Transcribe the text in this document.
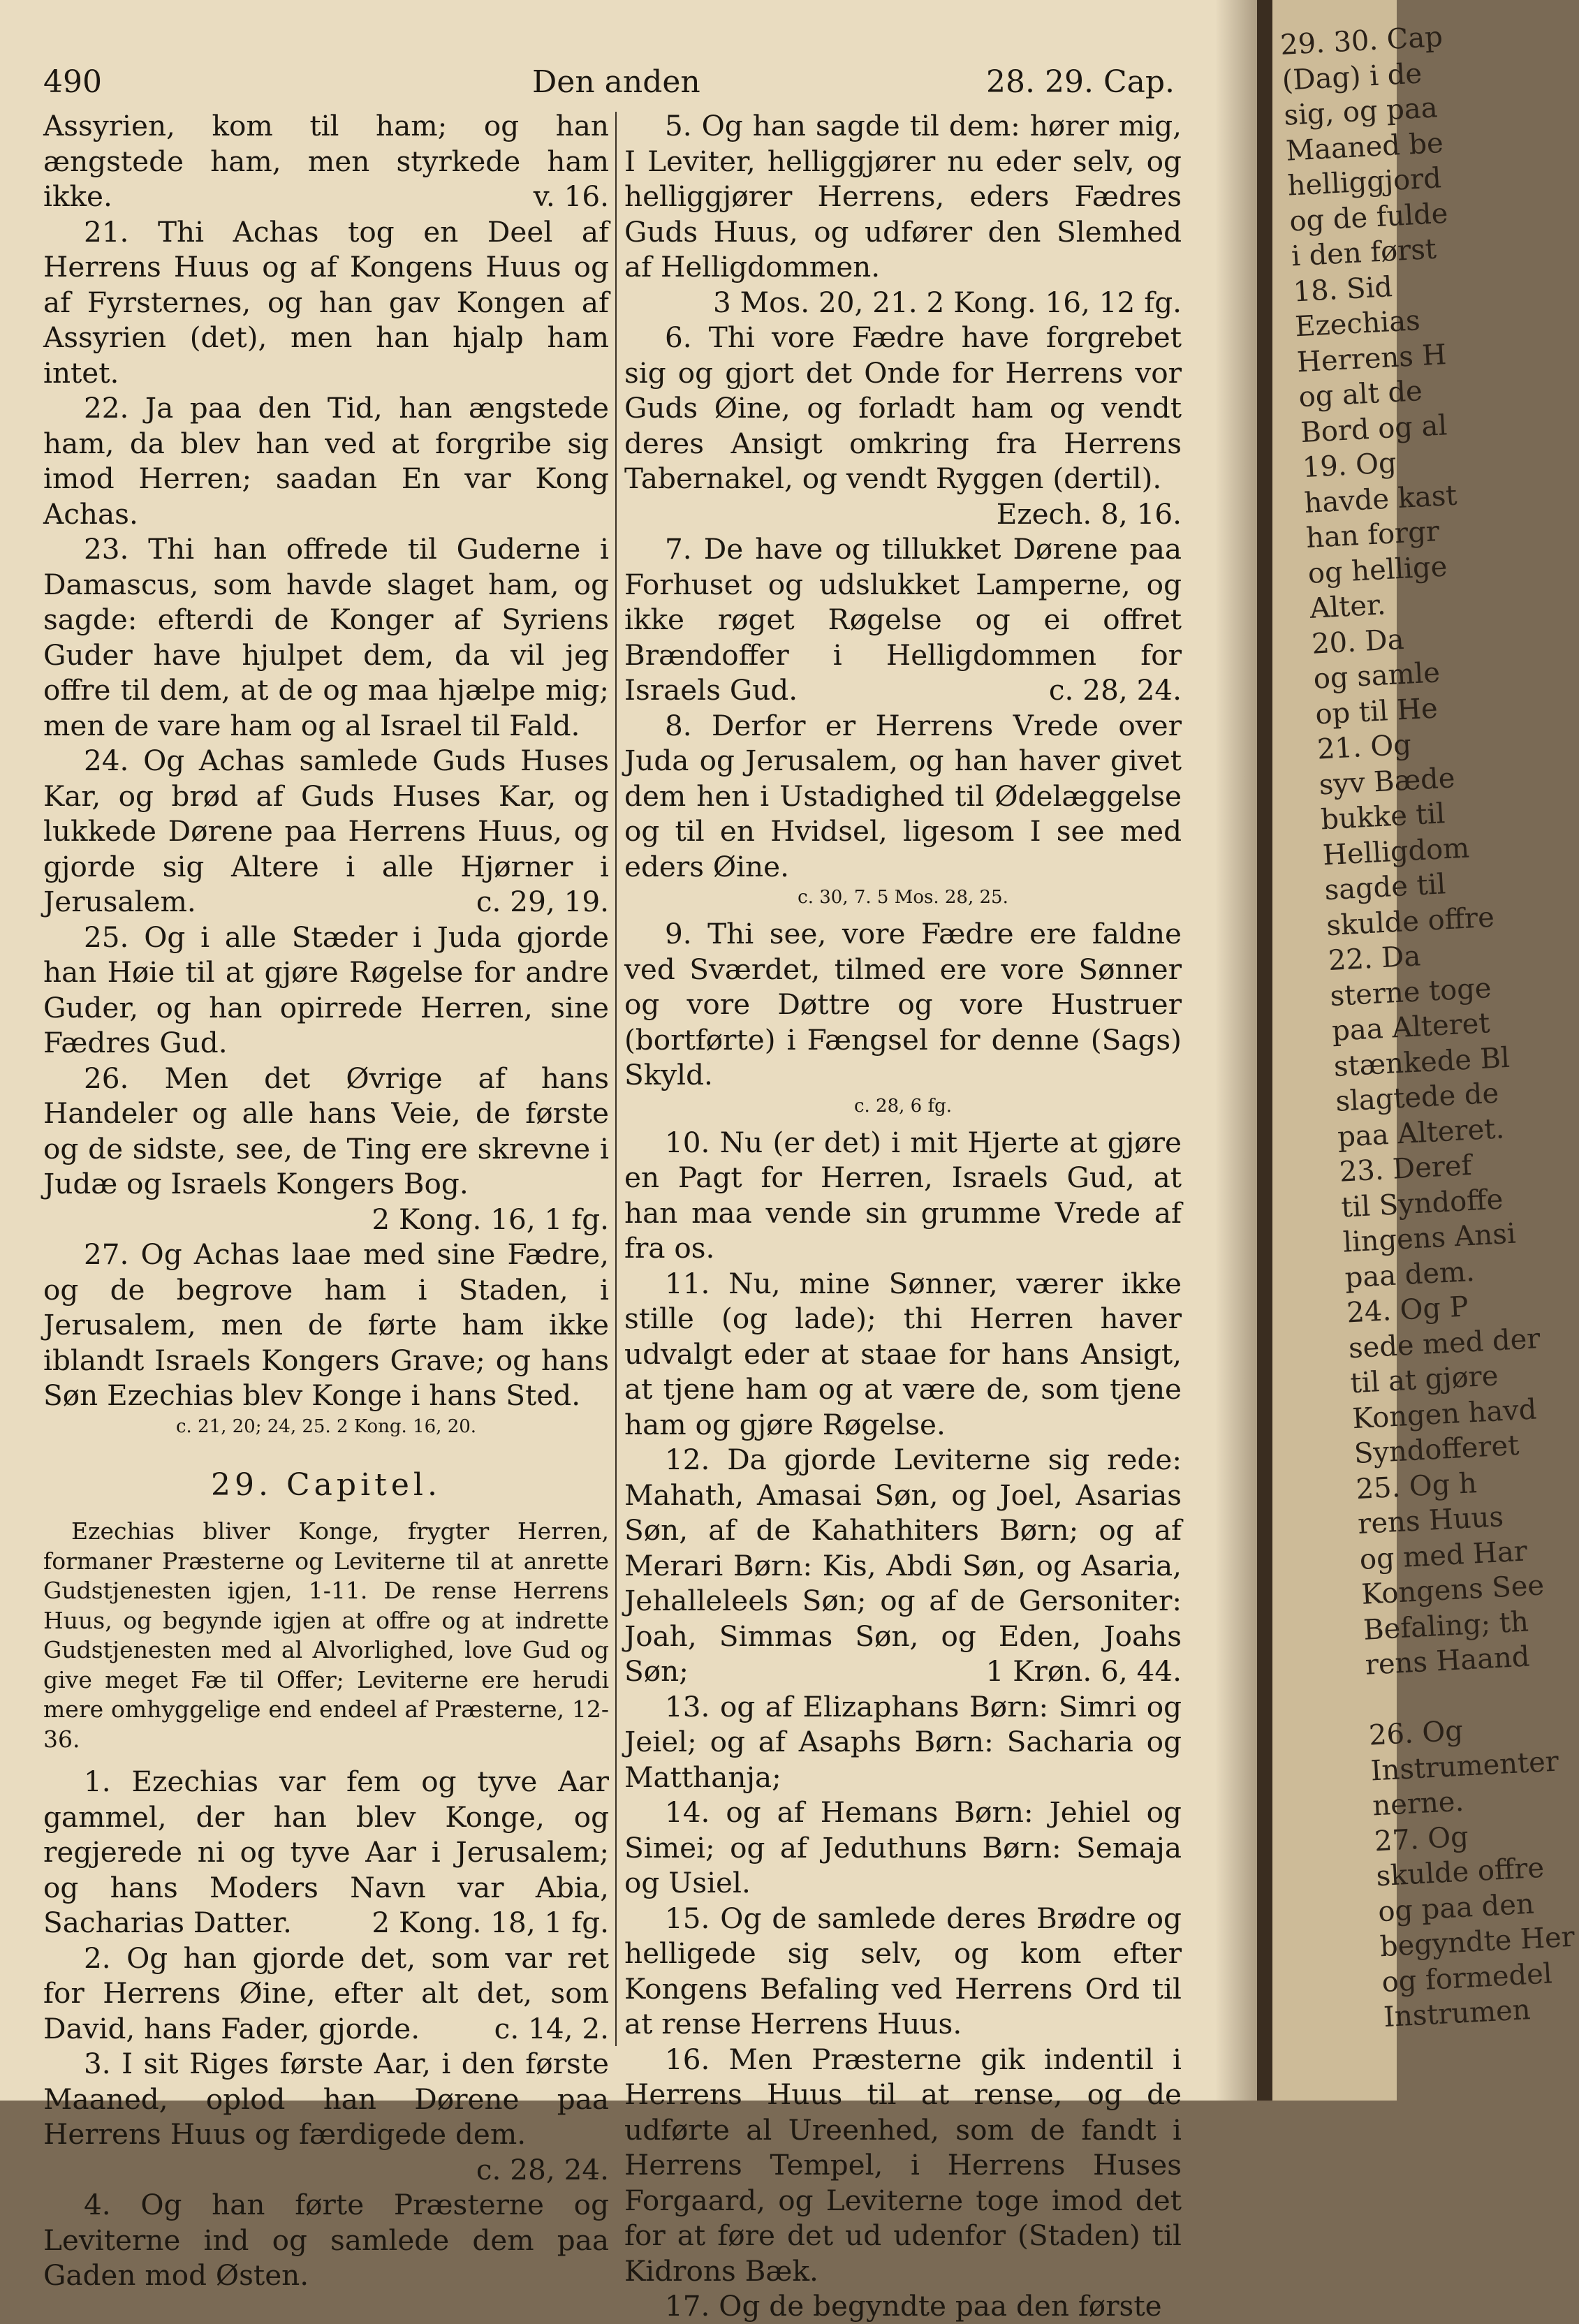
490	Den anden	28. 29. Cap.

Assyrien, kom til ham; og han ængstede ham, men styrkede ham ikke.	v. 16.

21. Thi Achas tog en Deel af Herrens Huus og af Kongens Huus og af Fyrsternes, og han gav Kongen af Assyrien (det), men han hjalp ham intet.

22. Ja paa den Tid, han ængstede ham, da blev han ved at forgribe sig imod Herren; saadan En var Kong Achas.

23. Thi han offrede til Guderne i Damascus, som havde slaget ham, og sagde: efterdi de Konger af Syriens Guder have hjulpet dem, da vil jeg offre til dem, at de og maa hjælpe mig; men de vare ham og al Israel til Fald.

24. Og Achas samlede Guds Huses Kar, og brød af Guds Huses Kar, og lukkede Dørene paa Herrens Huus, og gjorde sig Altere i alle Hjørner i Jerusalem.	c. 29, 19.

25. Og i alle Stæder i Juda gjorde han Høie til at gjøre Røgelse for andre Guder, og han opirrede Herren, sine Fædres Gud.

26. Men det Øvrige af hans Handeler og alle hans Veie, de første og de sidste, see, de Ting ere skrevne i Judæ og Israels Kongers Bog.
2 Kong. 16, 1 fg.

27. Og Achas laae med sine Fædre, og de begrove ham i Staden, i Jerusalem, men de førte ham ikke iblandt Israels Kongers Grave; og hans Søn Ezechias blev Konge i hans Sted.

c. 21, 20; 24, 25. 2 Kong. 16, 20.

29. Capitel.

Ezechias bliver Konge, frygter Herren, formaner Præsterne og Leviterne til at anrette Gudstjenesten igjen, 1-11. De rense Herrens Huus, og begynde igjen at offre og at indrette Gudstjenesten med al Alvorlighed, love Gud og give meget Fæ til Offer; Leviterne ere herudi mere omhyggelige end endeel af Præsterne, 12-36.

1. Ezechias var fem og tyve Aar gammel, der han blev Konge, og regjerede ni og tyve Aar i Jerusalem; og hans Moders Navn var Abia, Sacharias Datter.	2 Kong. 18, 1 fg.

2. Og han gjorde det, som var ret for Herrens Øine, efter alt det, som David, hans Fader, gjorde.	c. 14, 2.

3. I sit Riges første Aar, i den første Maaned, oplod han Dørene paa Herrens Huus og færdigede dem.
c. 28, 24.

4. Og han førte Præsterne og Leviterne ind og samlede dem paa Gaden mod Østen.

5. Og han sagde til dem: hører mig, I Leviter, helliggjører nu eder selv, og helliggjører Herrens, eders Fædres Guds Huus, og udfører den Slemhed af Helligdommen.
3 Mos. 20, 21. 2 Kong. 16, 12 fg.

6. Thi vore Fædre have forgrebet sig og gjort det Onde for Herrens vor Guds Øine, og forladt ham og vendt deres Ansigt omkring fra Herrens Tabernakel, og vendt Ryggen (dertil).
Ezech. 8, 16.

7. De have og tillukket Dørene paa Forhuset og udslukket Lamperne, og ikke røget Røgelse og ei offret Brændoffer i Helligdommen for Israels Gud.	c. 28, 24.

8. Derfor er Herrens Vrede over Juda og Jerusalem, og han haver givet dem hen i Ustadighed til Ødelæggelse og til en Hvidsel, ligesom I see med eders Øine.

c. 30, 7. 5 Mos. 28, 25.

9. Thi see, vore Fædre ere faldne ved Sværdet, tilmed ere vore Sønner og vore Døttre og vore Hustruer (bortførte) i Fængsel for denne (Sags) Skyld.

c. 28, 6 fg.

10. Nu (er det) i mit Hjerte at gjøre en Pagt for Herren, Israels Gud, at han maa vende sin grumme Vrede af fra os.

11. Nu, mine Sønner, værer ikke stille (og lade); thi Herren haver udvalgt eder at staae for hans Ansigt, at tjene ham og at være de, som tjene ham og gjøre Røgelse.

12. Da gjorde Leviterne sig rede: Mahath, Amasai Søn, og Joel, Asarias Søn, af de Kahathiters Børn; og af Merari Børn: Kis, Abdi Søn, og Asaria, Jehalleleels Søn; og af de Gersoniter: Joah, Simmas Søn, og Eden, Joahs Søn;	1 Krøn. 6, 44.

13. og af Elizaphans Børn: Simri og Jeiel; og af Asaphs Børn: Sacharia og Matthanja;

14. og af Hemans Børn: Jehiel og Simei; og af Jeduthuns Børn: Semaja og Usiel.

15. Og de samlede deres Brødre og helligede sig selv, og kom efter Kongens Befaling ved Herrens Ord til at rense Herrens Huus.

16. Men Præsterne gik indentil i Herrens Huus til at rense, og de udførte al Ureenhed, som de fandt i Herrens Tempel, i Herrens Huses Forgaard, og Leviterne toge imod det for at føre det ud udenfor (Staden) til Kidrons Bæk.

17. Og de begyndte paa den første

29. 30. Cap
(Dag) i de
sig, og paa
Maaned be
helliggjord
og de fulde
i den først
18. Sid
Ezechias
Herrens H
og alt de
Bord og al
19. Og
havde kast
han forgr
og hellige
Alter.
20. Da
og samle
op til He
21. Og
syv Bæde
bukke til
Helligdom
sagde til
skulde offre
22. Da
sterne toge
paa Alteret
stænkede Bl
slagtede de
paa Alteret.
23. Deref
til Syndoffe
lingens Ansi
paa dem.
24. Og P
sede med der
til at gjøre
Kongen havd
Syndofferet
25. Og h
rens Huus
og med Har
Kongens See
Befaling; th
rens Haand
26. Og
Instrumenter
nerne.
27. Og
skulde offre
og paa den
begyndte Her
og formedel
Instrumen
